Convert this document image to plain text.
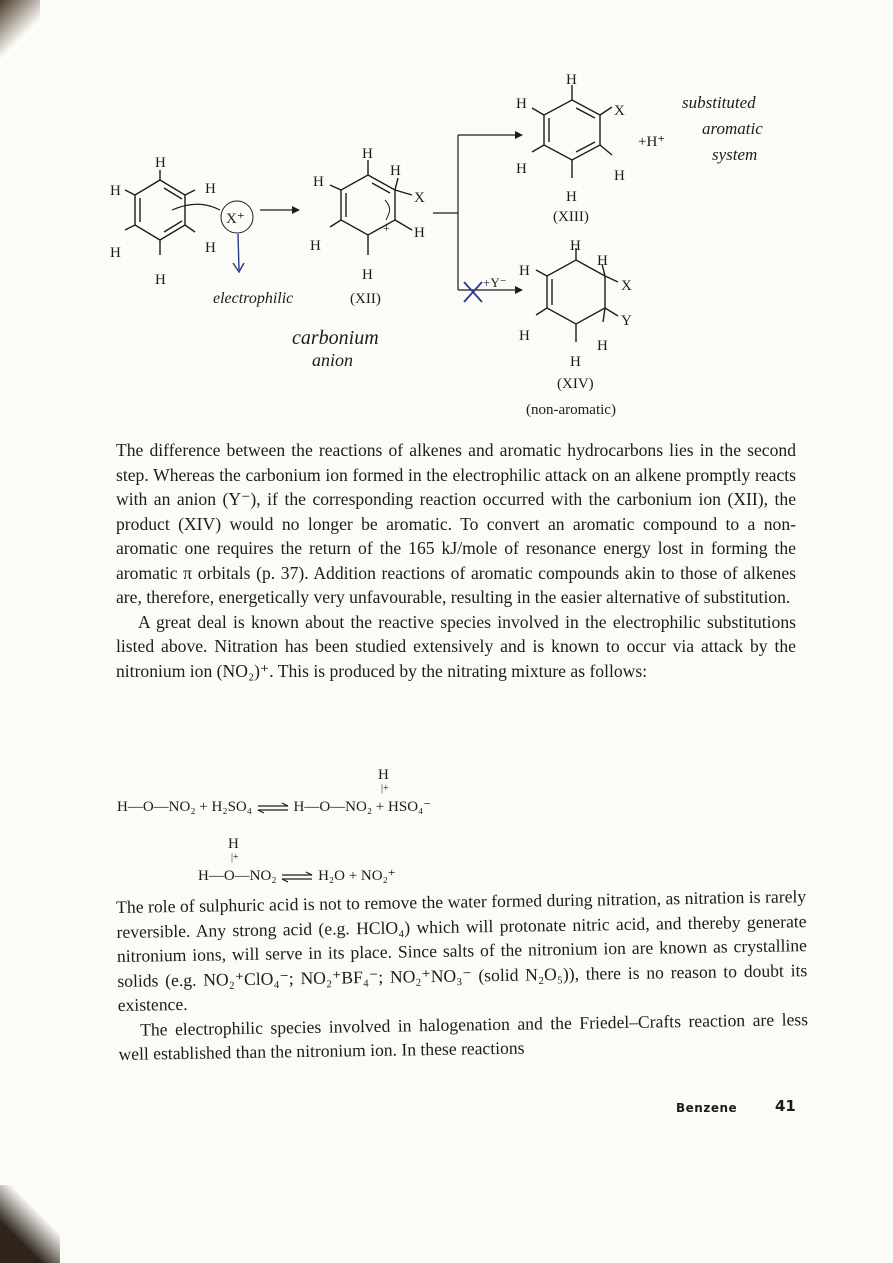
H
H
H
H
H
H
X⁺
H
H
H
X
H
+
H
H
(XII)
+Y⁻
H
H	X
H	H
+H⁺
H
(XIII)
H
H
H
X
Y
H
H
H
(XIV)
(non-aromatic)
electrophilic
carbonium
anion
substituted
aromatic
system

The difference between the reactions of alkenes and aromatic hydrocarbons lies in the second step. Whereas the carbonium ion formed in the electrophilic attack on an alkene promptly reacts with an anion (Y⁻), if the corresponding reaction occurred with the carbonium ion (XII), the product (XIV) would no longer be aromatic. To convert an aromatic compound to a non-aromatic one requires the return of the 165 kJ/mole of resonance energy lost in forming the aromatic π orbitals (p. 37). Addition reactions of aromatic compounds akin to those of alkenes are, therefore, energetically very unfavourable, resulting in the easier alternative of substitution.

A great deal is known about the reactive species involved in the electrophilic substitutions listed above. Nitration has been studied extensively and is known to occur via attack by the nitronium ion (NO₂)⁺. This is produced by the nitrating mixture as follows:

H—O—NO₂ + H₂SO₄ ⇌ H—O—NO₂ + HSO₄⁻
H
|+
H—O—NO₂ ⇌ H₂O + NO₂⁺
H
|+

The role of sulphuric acid is not to remove the water formed during nitration, as nitration is rarely reversible. Any strong acid (e.g. HClO₄) which will protonate nitric acid, and thereby generate nitronium ions, will serve in its place. Since salts of the nitronium ion are known as crystalline solids (e.g. NO₂⁺ClO₄⁻; NO₂⁺BF₄⁻; NO₂⁺NO₃⁻ (solid N₂O₅)), there is no reason to doubt its existence.

The electrophilic species involved in halogenation and the Friedel–Crafts reaction are less well established than the nitronium ion. In these reactions

Benzene	41
